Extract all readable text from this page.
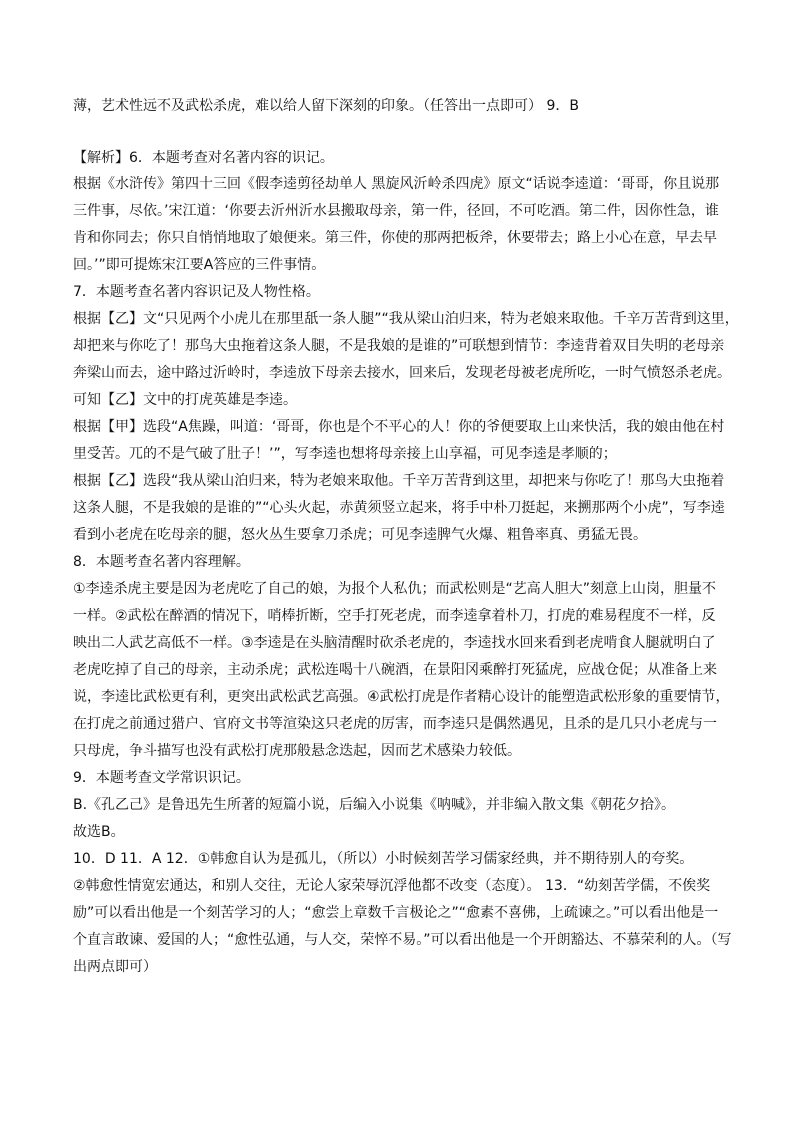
薄，艺术性远不及武松杀虎，难以给人留下深刻的印象。（任答出一点即可） 9．B
【解析】6．本题考查对名著内容的识记。
根据《水浒传》第四十三回《假李逵剪径劫单人 黑旋风沂岭杀四虎》原文“话说李逵道：‘哥哥，你且说那
三件事，尽依。’宋江道：‘你要去沂州沂水县搬取母亲，第一件，径回，不可吃酒。第二件，因你性急，谁
肯和你同去；你只自悄悄地取了娘便来。第三件，你使的那两把板斧，休要带去；路上小心在意，早去早
回。’”即可提炼宋江要A答应的三件事情。
7．本题考查名著内容识记及人物性格。
根据【乙】文“只见两个小虎儿在那里舐一条人腿”“我从梁山泊归来，特为老娘来取他。千辛万苦背到这里，
却把来与你吃了！那鸟大虫拖着这条人腿，不是我娘的是谁的”可联想到情节：李逵背着双目失明的老母亲
奔梁山而去，途中路过沂岭时，李逵放下母亲去接水，回来后，发现老母被老虎所吃，一时气愤怒杀老虎。
可知【乙】文中的打虎英雄是李逵。
根据【甲】选段“A焦躁，叫道：‘哥哥，你也是个不平心的人！你的爷便要取上山来快活，我的娘由他在村
里受苦。兀的不是气破了肚子！’”，写李逵也想将母亲接上山享福，可见李逵是孝顺的；
根据【乙】选段“我从梁山泊归来，特为老娘来取他。千辛万苦背到这里，却把来与你吃了！那鸟大虫拖着
这条人腿，不是我娘的是谁的”“心头火起，赤黄须竖立起来，将手中朴刀挺起，来搠那两个小虎”，写李逵
看到小老虎在吃母亲的腿，怒火丛生要拿刀杀虎；可见李逵脾气火爆、粗鲁率真、勇猛无畏。
8．本题考查名著内容理解。
①李逵杀虎主要是因为老虎吃了自己的娘，为报个人私仇；而武松则是“艺高人胆大”刻意上山岗，胆量不
一样。②武松在醉酒的情况下，哨棒折断，空手打死老虎，而李逵拿着朴刀，打虎的难易程度不一样，反
映出二人武艺高低不一样。③李逵是在头脑清醒时砍杀老虎的，李逵找水回来看到老虎啃食人腿就明白了
老虎吃掉了自己的母亲，主动杀虎；武松连喝十八碗酒，在景阳冈乘醉打死猛虎，应战仓促；从准备上来
说，李逵比武松更有利，更突出武松武艺高强。④武松打虎是作者精心设计的能塑造武松形象的重要情节，
在打虎之前通过猎户、官府文书等渲染这只老虎的厉害，而李逵只是偶然遇见，且杀的是几只小老虎与一
只母虎，争斗描写也没有武松打虎那般悬念迭起，因而艺术感染力较低。
9．本题考查文学常识识记。
B.《孔乙己》是鲁迅先生所著的短篇小说，后编入小说集《呐喊》，并非编入散文集《朝花夕拾》。
故选B。
10．D 11．A 12．①韩愈自认为是孤儿，（所以）小时候刻苦学习儒家经典，并不期待别人的夸奖。
②韩愈性情宽宏通达，和别人交往，无论人家荣辱沉浮他都不改变（态度）。 13．“幼刻苦学儒，不俟奖
励”可以看出他是一个刻苦学习的人；“愈尝上章数千言极论之”“愈素不喜佛，上疏谏之。”可以看出他是一
个直言敢谏、爱国的人；“愈性弘通，与人交，荣悴不易。”可以看出他是一个开朗豁达、不慕荣利的人。（写
出两点即可）
